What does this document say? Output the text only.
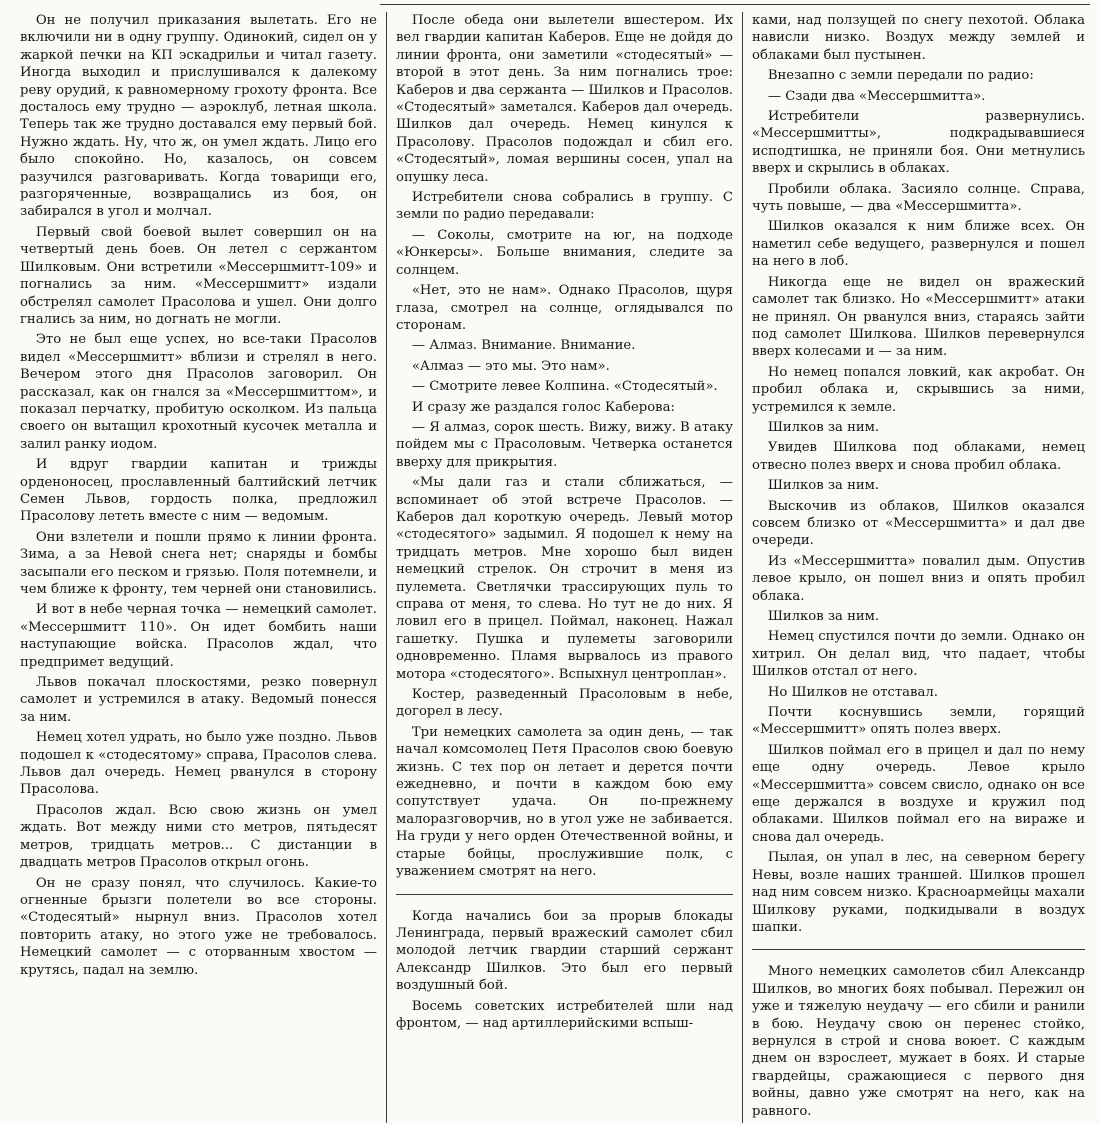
Он не получил приказания вылетать. Его не включили ни в одну группу. Одинокий, сидел он у жаркой печки на КП эскадрильи и читал газету. Иногда выходил и прислушивался к далекому реву орудий, к равномерному грохоту фронта. Все досталось ему трудно — аэроклуб, летная школа. Теперь так же трудно доставался ему первый бой. Нужно ждать. Ну, что ж, он умел ждать. Лицо его было спокойно. Но, казалось, он совсем разучился разговаривать. Когда товарищи его, разгоряченные, возвращались из боя, он забирался в угол и молчал.

Первый свой боевой вылет совершил он на четвертый день боев. Он летел с сержантом Шилковым. Они встретили «Мессершмитт-109» и погнались за ним. «Мессершмитт» издали обстрелял самолет Прасолова и ушел. Они долго гнались за ним, но догнать не могли.

Это не был еще успех, но все-таки Прасолов видел «Мессершмитт» вблизи и стрелял в него. Вечером этого дня Прасолов заговорил. Он рассказал, как он гнался за «Мессершмиттом», и показал перчатку, пробитую осколком. Из пальца своего он вытащил крохотный кусочек металла и залил ранку иодом.

И вдруг гвардии капитан и трижды орденоносец, прославленный балтийский летчик Семен Львов, гордость полка, предложил Прасолову лететь вместе с ним — ведомым.

Они взлетели и пошли прямо к линии фронта. Зима, а за Невой снега нет; снаряды и бомбы засыпали его песком и грязью. Поля потемнели, и чем ближе к фронту, тем черней они становились.

И вот в небе черная точка — немецкий самолет. «Мессершмитт 110». Он идет бомбить наши наступающие войска. Прасолов ждал, что предпримет ведущий.

Львов покачал плоскостями, резко повернул самолет и устремился в атаку. Ведомый понесся за ним.

Немец хотел удрать, но было уже поздно. Львов подошел к «стодесятому» справа, Прасолов слева. Львов дал очередь. Немец рванулся в сторону Прасолова.

Прасолов ждал. Всю свою жизнь он умел ждать. Вот между ними сто метров, пятьдесят метров, тридцать метров... С дистанции в двадцать метров Прасолов открыл огонь.

Он не сразу понял, что случилось. Какие-то огненные брызги полетели во все стороны. «Стодесятый» нырнул вниз. Прасолов хотел повторить атаку, но этого уже не требовалось. Немецкий самолет — с оторванным хвостом — крутясь, падал на землю.

После обеда они вылетели вшестером. Их вел гвардии капитан Каберов. Еще не дойдя до линии фронта, они заметили «стодесятый» — второй в этот день. За ним погнались трое: Каберов и два сержанта — Шилков и Прасолов. «Стодесятый» заметался. Каберов дал очередь. Шилков дал очередь. Немец кинулся к Прасолову. Прасолов подождал и сбил его. «Стодесятый», ломая вершины сосен, упал на опушку леса.

Истребители снова собрались в группу. С земли по радио передавали:

— Соколы, смотрите на юг, на подходе «Юнкерсы». Больше внимания, следите за солнцем.

«Нет, это не нам». Однако Прасолов, щуря глаза, смотрел на солнце, оглядывался по сторонам.

— Алмаз. Внимание. Внимание.

«Алмаз — это мы. Это нам».

— Смотрите левее Колпина. «Стодесятый».

И сразу же раздался голос Каберова:

— Я алмаз, сорок шесть. Вижу, вижу. В атаку пойдем мы с Прасоловым. Четверка останется вверху для прикрытия.

«Мы дали газ и стали сближаться, — вспоминает об этой встрече Прасолов. — Каберов дал короткую очередь. Левый мотор «стодесятого» задымил. Я подошел к нему на тридцать метров. Мне хорошо был виден немецкий стрелок. Он строчит в меня из пулемета. Светлячки трассирующих пуль то справа от меня, то слева. Но тут не до них. Я ловил его в прицел. Поймал, наконец. Нажал гашетку. Пушка и пулеметы заговорили одновременно. Пламя вырвалось из правого мотора «стодесятого». Вспыхнул центроплан».

Костер, разведенный Прасоловым в небе, догорел в лесу.

Три немецких самолета за один день, — так начал комсомолец Петя Прасолов свою боевую жизнь. С тех пор он летает и дерется почти ежедневно, и почти в каждом бою ему сопутствует удача. Он по-прежнему малоразговорчив, но в угол уже не забивается. На груди у него орден Отечественной войны, и старые бойцы, прослужившие полк, с уважением смотрят на него.

Когда начались бои за прорыв блокады Ленинграда, первый вражеский самолет сбил молодой летчик гвардии старший сержант Александр Шилков. Это был его первый воздушный бой.

Восемь советских истребителей шли над фронтом, — над артиллерийскими вспыш-

ками, над ползущей по снегу пехотой. Облака нависли низко. Воздух между землей и облаками был пустынен.

Внезапно с земли передали по радио:

— Сзади два «Мессершмитта».

Истребители развернулись. «Мессершмитты», подкрадывавшиеся исподтишка, не приняли боя. Они метнулись вверх и скрылись в облаках.

Пробили облака. Засияло солнце. Справа, чуть повыше, — два «Мессершмитта».

Шилков оказался к ним ближе всех. Он наметил себе ведущего, развернулся и пошел на него в лоб.

Никогда еще не видел он вражеский самолет так близко. Но «Мессершмитт» атаки не принял. Он рванулся вниз, стараясь зайти под самолет Шилкова. Шилков перевернулся вверх колесами и — за ним.

Но немец попался ловкий, как акробат. Он пробил облака и, скрывшись за ними, устремился к земле.

Шилков за ним.

Увидев Шилкова под облаками, немец отвесно полез вверх и снова пробил облака.

Шилков за ним.

Выскочив из облаков, Шилков оказался совсем близко от «Мессершмитта» и дал две очереди.

Из «Мессершмитта» повалил дым. Опустив левое крыло, он пошел вниз и опять пробил облака.

Шилков за ним.

Немец спустился почти до земли. Однако он хитрил. Он делал вид, что падает, чтобы Шилков отстал от него.

Но Шилков не отставал.

Почти коснувшись земли, горящий «Мессершмитт» опять полез вверх.

Шилков поймал его в прицел и дал по нему еще одну очередь. Левое крыло «Мессершмитта» совсем свисло, однако он все еще держался в воздухе и кружил под облаками. Шилков поймал его на вираже и снова дал очередь.

Пылая, он упал в лес, на северном берегу Невы, возле наших траншей. Шилков прошел над ним совсем низко. Красноармейцы махали Шилкову руками, подкидывали в воздух шапки.

Много немецких самолетов сбил Александр Шилков, во многих боях побывал. Пережил он уже и тяжелую неудачу — его сбили и ранили в бою. Неудачу свою он перенес стойко, вернулся в строй и снова воюет. С каждым днем он взрослеет, мужает в боях. И старые гвардейцы, сражающиеся с первого дня войны, давно уже смотрят на него, как на равного.
